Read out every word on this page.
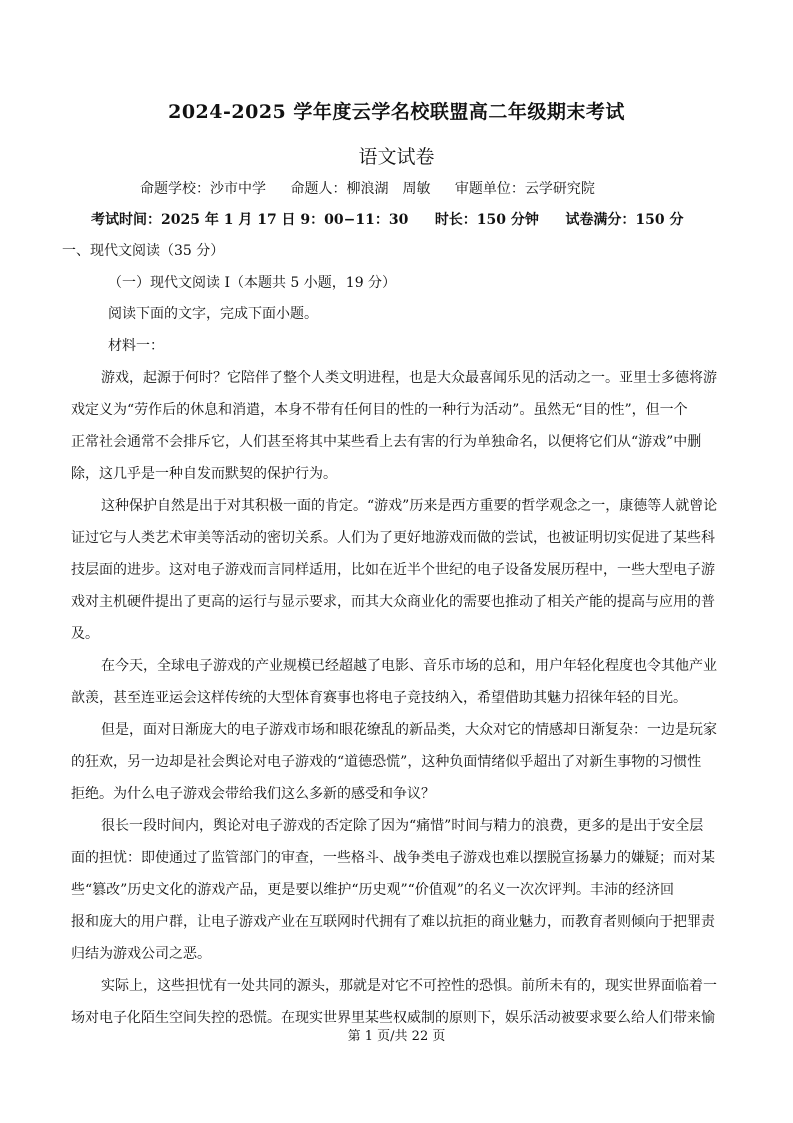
2024-2025 学年度云学名校联盟高二年级期末考试
语文试卷
命题学校：沙市中学 命题人：柳浪湖　周敏 审题单位：云学研究院
考试时间：2025 年 1 月 17 日 9：00−11：30 时长：150 分钟 试卷满分：150 分
一、现代文阅读（35 分）
（一）现代文阅读 I（本题共 5 小题，19 分）
阅读下面的文字，完成下面小题。
材料一：
游戏，起源于何时？它陪伴了整个人类文明进程，也是大众最喜闻乐见的活动之一。亚里士多德将游
戏定义为“劳作后的休息和消遣，本身不带有任何目的性的一种行为活动”。虽然无“目的性”，但一个
正常社会通常不会排斥它，人们甚至将其中某些看上去有害的行为单独命名，以便将它们从“游戏”中删
除，这几乎是一种自发而默契的保护行为。
这种保护自然是出于对其积极一面的肯定。“游戏”历来是西方重要的哲学观念之一，康德等人就曾论
证过它与人类艺术审美等活动的密切关系。人们为了更好地游戏而做的尝试，也被证明切实促进了某些科
技层面的进步。这对电子游戏而言同样适用，比如在近半个世纪的电子设备发展历程中，一些大型电子游
戏对主机硬件提出了更高的运行与显示要求，而其大众商业化的需要也推动了相关产能的提高与应用的普
及。
在今天，全球电子游戏的产业规模已经超越了电影、音乐市场的总和，用户年轻化程度也令其他产业
歆羡，甚至连亚运会这样传统的大型体育赛事也将电子竞技纳入，希望借助其魅力招徕年轻的目光。
但是，面对日渐庞大的电子游戏市场和眼花缭乱的新品类，大众对它的情感却日渐复杂：一边是玩家
的狂欢，另一边却是社会舆论对电子游戏的“道德恐慌”，这种负面情绪似乎超出了对新生事物的习惯性
拒绝。为什么电子游戏会带给我们这么多新的感受和争议？
很长一段时间内，舆论对电子游戏的否定除了因为“痛惜”时间与精力的浪费，更多的是出于安全层
面的担忧：即使通过了监管部门的审查，一些格斗、战争类电子游戏也难以摆脱宣扬暴力的嫌疑；而对某
些“篡改”历史文化的游戏产品，更是要以维护“历史观”“价值观”的名义一次次评判。丰沛的经济回
报和庞大的用户群，让电子游戏产业在互联网时代拥有了难以抗拒的商业魅力，而教育者则倾向于把罪责
归结为游戏公司之恶。
实际上，这些担忧有一处共同的源头，那就是对它不可控性的恐惧。前所未有的，现实世界面临着一
场对电子化陌生空间失控的恐慌。在现实世界里某些权威制的原则下，娱乐活动被要求要么给人们带来愉
第 1 页/共 22 页
